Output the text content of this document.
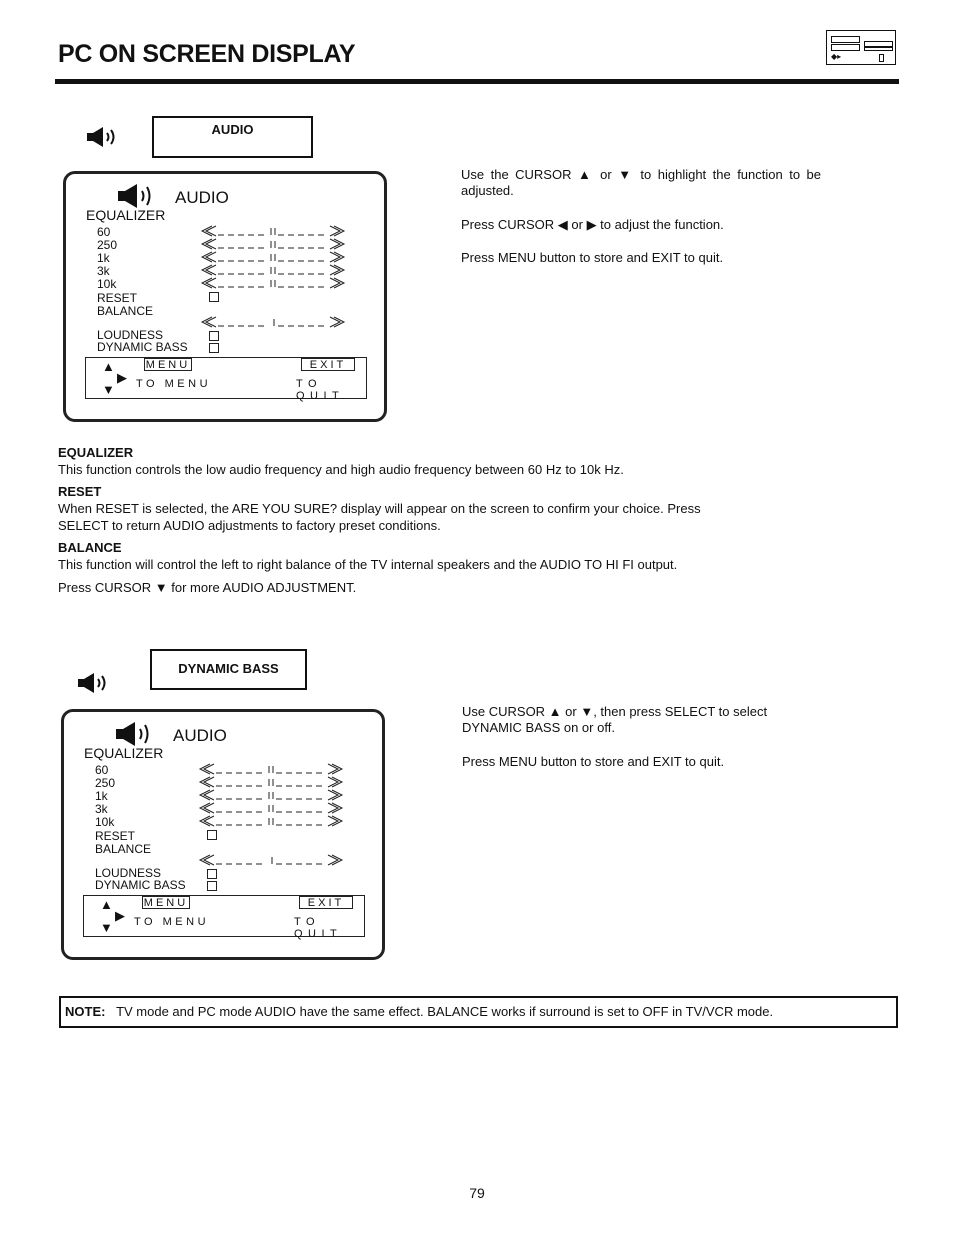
PC ON SCREEN DISPLAY	◆▸
AUDIO
AUDIO
EQUALIZER
60
250
1k
3k
10k
RESET
BALANCE
LOUDNESS
DYNAMIC BASS
▲
▶
▼
MENU	EXIT
TO MENU	TO QUIT
Use the CURSOR ▲ or ▼ to highlight the function to be adjusted.
Press CURSOR ◀ or ▶ to adjust the function.
Press MENU button to store and EXIT to quit.
EQUALIZER
This function controls the low audio frequency and high audio frequency between 60 Hz to 10k Hz.
RESET
When RESET is selected, the ARE YOU SURE? display will appear on the screen to confirm your choice. Press
SELECT to return AUDIO adjustments to factory preset conditions.
BALANCE
This function will control the left to right balance of the TV internal speakers and the AUDIO TO HI FI output.
Press CURSOR ▼ for more AUDIO ADJUSTMENT.
DYNAMIC BASS
AUDIO
EQUALIZER
60
250
1k
3k
10k
RESET
BALANCE
LOUDNESS
DYNAMIC BASS
▲
▶
▼
MENU	EXIT
TO MENU	TO QUIT
Use CURSOR ▲ or ▼, then press SELECT to select DYNAMIC BASS on or off.
Press MENU button to store and EXIT to quit.
NOTE: TV mode and PC mode AUDIO have the same effect. BALANCE works if surround is set to OFF in TV/VCR mode.
79
